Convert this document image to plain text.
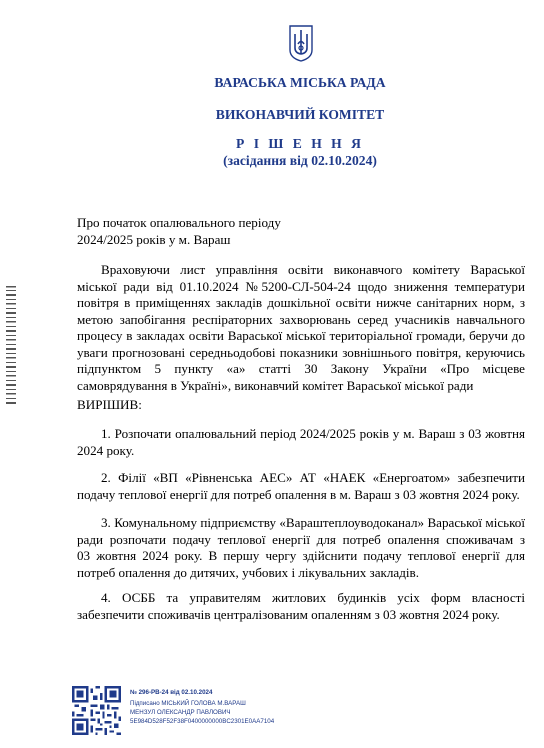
ВАРАСЬКА МІСЬКА РАДА
ВИКОНАВЧИЙ КОМІТЕТ
Р І Ш Е Н Н Я
(засідання від 02.10.2024)
Про початок опалювального періоду
2024/2025 років у м. Вараш
Враховуючи лист управління освіти виконавчого комітету Вараської
міської ради від 01.10.2024 №5200-СЛ-504-24 щодо зниження температури
повітря в приміщеннях закладів дошкільної освіти нижче санітарних норм, з
метою запобігання респіраторних захворювань серед учасників навчального
процесу в закладах освіти Вараської міської територіальної громади, беручи до
уваги прогнозовані середньодобові показники зовнішнього повітря, керуючись
підпунктом 5 пункту «а» статті 30 Закону України «Про місцеве
самоврядування в Україні», виконавчий комітет Вараської міської ради
ВИРІШИВ:
1. Розпочати опалювальний період 2024/2025 років у м. Вараш з 03 жовтня
2024 року.
2. Філії «ВП «Рівненська АЕС» АТ «НАЕК «Енергоатом» забезпечити
подачу теплової енергії для потреб опалення в м. Вараш з 03 жовтня 2024 року.
3. Комунальному підприємству «Вараштеплоуводоканал» Вараської міської
ради розпочати подачу теплової енергії для потреб опалення споживачам з
03 жовтня 2024 року. В першу чергу здійснити подачу теплової енергії для
потреб опалення до дитячих, учбових і лікувальних закладів.
4. ОСББ та управителям житлових будинків усіх форм власності
забезпечити споживачів централізованим опаленням з 03 жовтня 2024 року.
№ 296-РВ-24 від 02.10.2024
Підписано МІСЬКИЙ ГОЛОВА М.ВАРАШ
МЕНЗУЛ ОЛЕКСАНДР ПАВЛОВИЧ
5E984D528F52F38F0400000000BC2301E0AA7104
